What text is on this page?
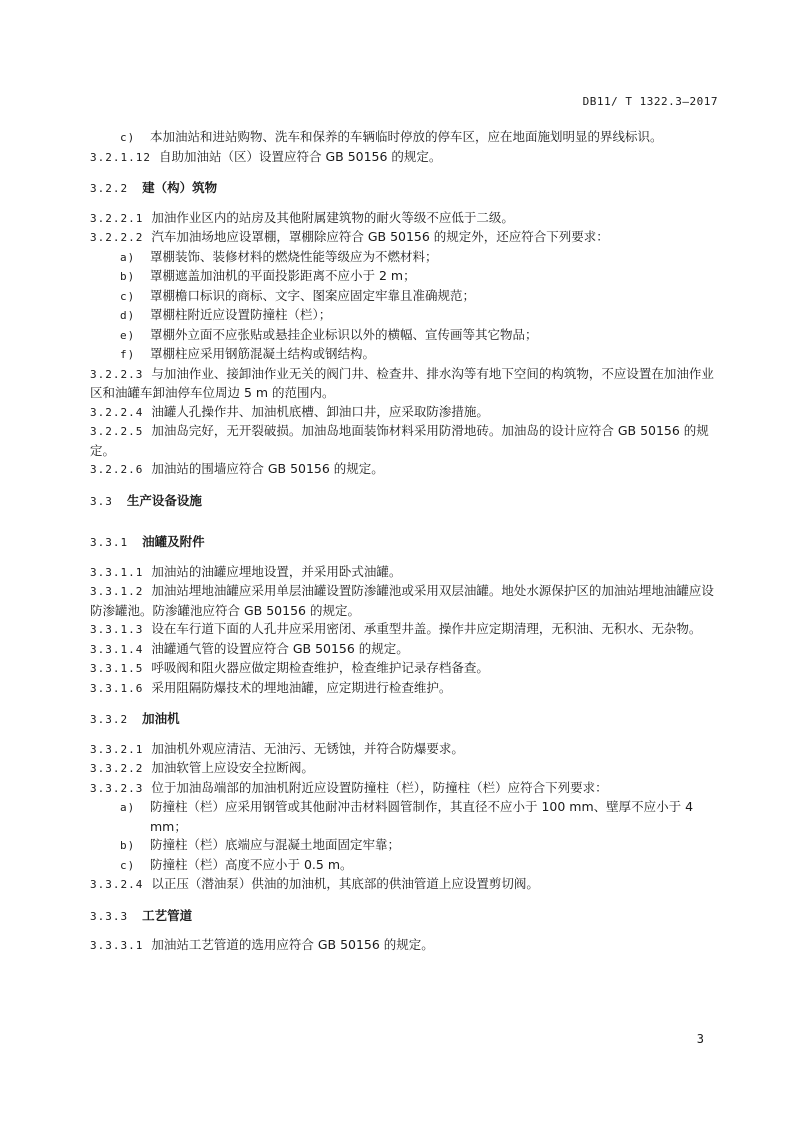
DB11/ T 1322.3—2017

c) 本加油站和进站购物、洗车和保养的车辆临时停放的停车区，应在地面施划明显的界线标识。

3.2.1.12 自助加油站（区）设置应符合 GB 50156 的规定。

3.2.2 建（构）筑物

3.2.2.1 加油作业区内的站房及其他附属建筑物的耐火等级不应低于二级。

3.2.2.2 汽车加油场地应设罩棚，罩棚除应符合 GB 50156 的规定外，还应符合下列要求：

a) 罩棚装饰、装修材料的燃烧性能等级应为不燃材料；

b) 罩棚遮盖加油机的平面投影距离不应小于 2 m；

c) 罩棚檐口标识的商标、文字、图案应固定牢靠且准确规范；

d) 罩棚柱附近应设置防撞柱（栏）；

e) 罩棚外立面不应张贴或悬挂企业标识以外的横幅、宣传画等其它物品；

f) 罩棚柱应采用钢筋混凝土结构或钢结构。

3.2.2.3 与加油作业、接卸油作业无关的阀门井、检查井、排水沟等有地下空间的构筑物，不应设置在加油作业区和油罐车卸油停车位周边 5 m 的范围内。

3.2.2.4 油罐人孔操作井、加油机底槽、卸油口井，应采取防渗措施。

3.2.2.5 加油岛完好，无开裂破损。加油岛地面装饰材料采用防滑地砖。加油岛的设计应符合 GB 50156 的规定。

3.2.2.6 加油站的围墙应符合 GB 50156 的规定。

3.3 生产设备设施

3.3.1 油罐及附件

3.3.1.1 加油站的油罐应埋地设置，并采用卧式油罐。

3.3.1.2 加油站埋地油罐应采用单层油罐设置防渗罐池或采用双层油罐。地处水源保护区的加油站埋地油罐应设防渗罐池。防渗罐池应符合 GB 50156 的规定。

3.3.1.3 设在车行道下面的人孔井应采用密闭、承重型井盖。操作井应定期清理，无积油、无积水、无杂物。

3.3.1.4 油罐通气管的设置应符合 GB 50156 的规定。

3.3.1.5 呼吸阀和阻火器应做定期检查维护，检查维护记录存档备查。

3.3.1.6 采用阻隔防爆技术的埋地油罐，应定期进行检查维护。

3.3.2 加油机

3.3.2.1 加油机外观应清洁、无油污、无锈蚀，并符合防爆要求。

3.3.2.2 加油软管上应设安全拉断阀。

3.3.2.3 位于加油岛端部的加油机附近应设置防撞柱（栏），防撞柱（栏）应符合下列要求：

a) 防撞柱（栏）应采用钢管或其他耐冲击材料圆管制作，其直径不应小于 100 mm、壁厚不应小于 4 mm；

b) 防撞柱（栏）底端应与混凝土地面固定牢靠；

c) 防撞柱（栏）高度不应小于 0.5 m。

3.3.2.4 以正压（潜油泵）供油的加油机，其底部的供油管道上应设置剪切阀。

3.3.3 工艺管道

3.3.3.1 加油站工艺管道的选用应符合 GB 50156 的规定。

3
